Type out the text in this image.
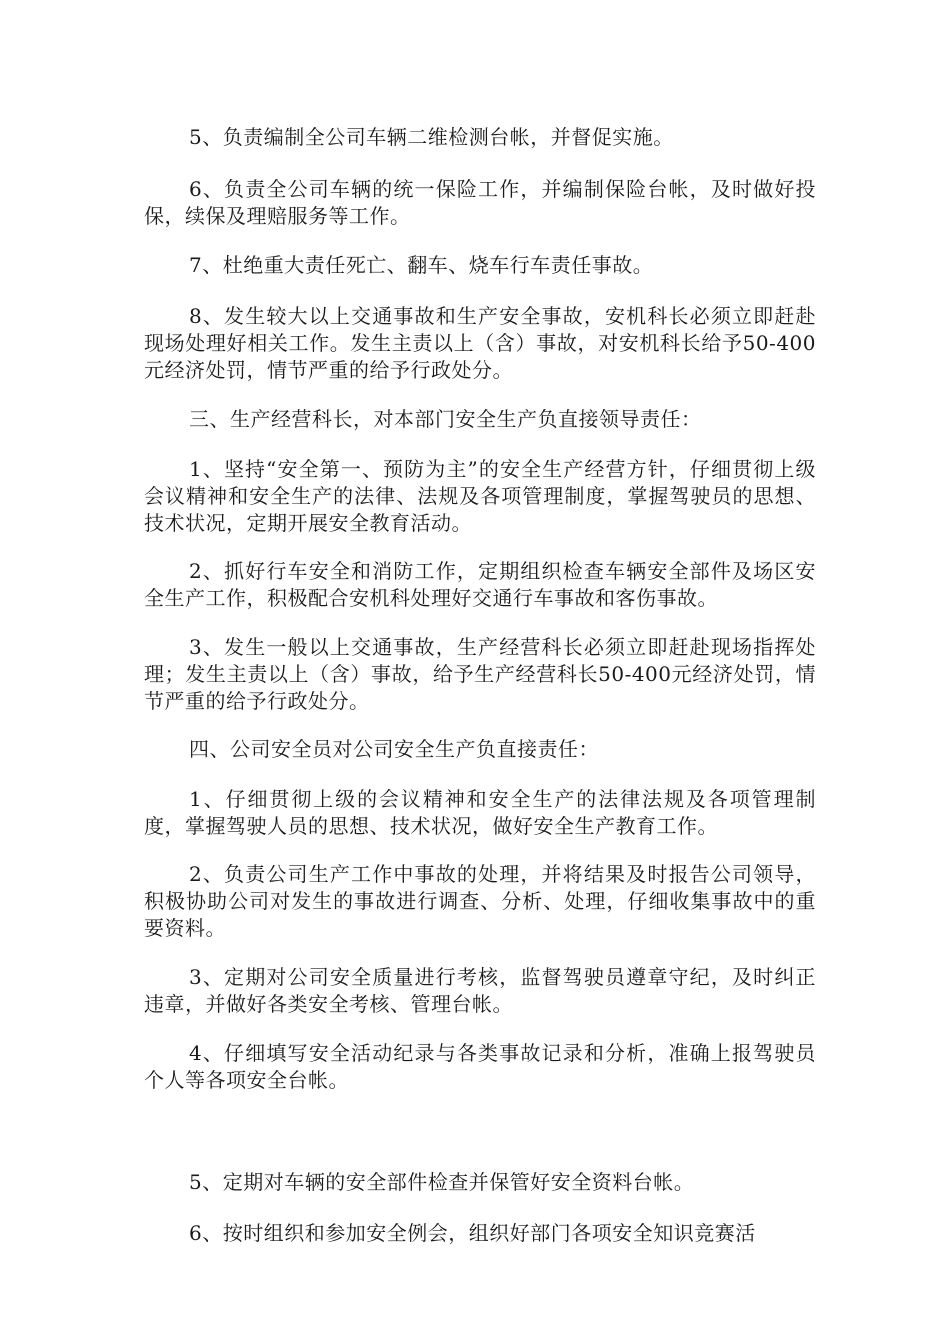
5、负责编制全公司车辆二维检测台帐，并督促实施。

6、负责全公司车辆的统一保险工作，并编制保险台帐，及时做好投保，续保及理赔服务等工作。

7、杜绝重大责任死亡、翻车、烧车行车责任事故。

8、发生较大以上交通事故和生产安全事故，安机科长必须立即赶赴现场处理好相关工作。发生主责以上（含）事故，对安机科长给予50-400元经济处罚，情节严重的给予行政处分。

三、生产经营科长，对本部门安全生产负直接领导责任：

1、坚持“安全第一、预防为主”的安全生产经营方针，仔细贯彻上级会议精神和安全生产的法律、法规及各项管理制度，掌握驾驶员的思想、技术状况，定期开展安全教育活动。

2、抓好行车安全和消防工作，定期组织检查车辆安全部件及场区安全生产工作，积极配合安机科处理好交通行车事故和客伤事故。

3、发生一般以上交通事故，生产经营科长必须立即赶赴现场指挥处理；发生主责以上（含）事故，给予生产经营科长50-400元经济处罚，情节严重的给予行政处分。

四、公司安全员对公司安全生产负直接责任：

1、仔细贯彻上级的会议精神和安全生产的法律法规及各项管理制度，掌握驾驶人员的思想、技术状况，做好安全生产教育工作。

2、负责公司生产工作中事故的处理，并将结果及时报告公司领导，积极协助公司对发生的事故进行调查、分析、处理，仔细收集事故中的重要资料。

3、定期对公司安全质量进行考核，监督驾驶员遵章守纪，及时纠正违章，并做好各类安全考核、管理台帐。

4、仔细填写安全活动纪录与各类事故记录和分析，准确上报驾驶员个人等各项安全台帐。

5、定期对车辆的安全部件检查并保管好安全资料台帐。

6、按时组织和参加安全例会，组织好部门各项安全知识竞赛活
